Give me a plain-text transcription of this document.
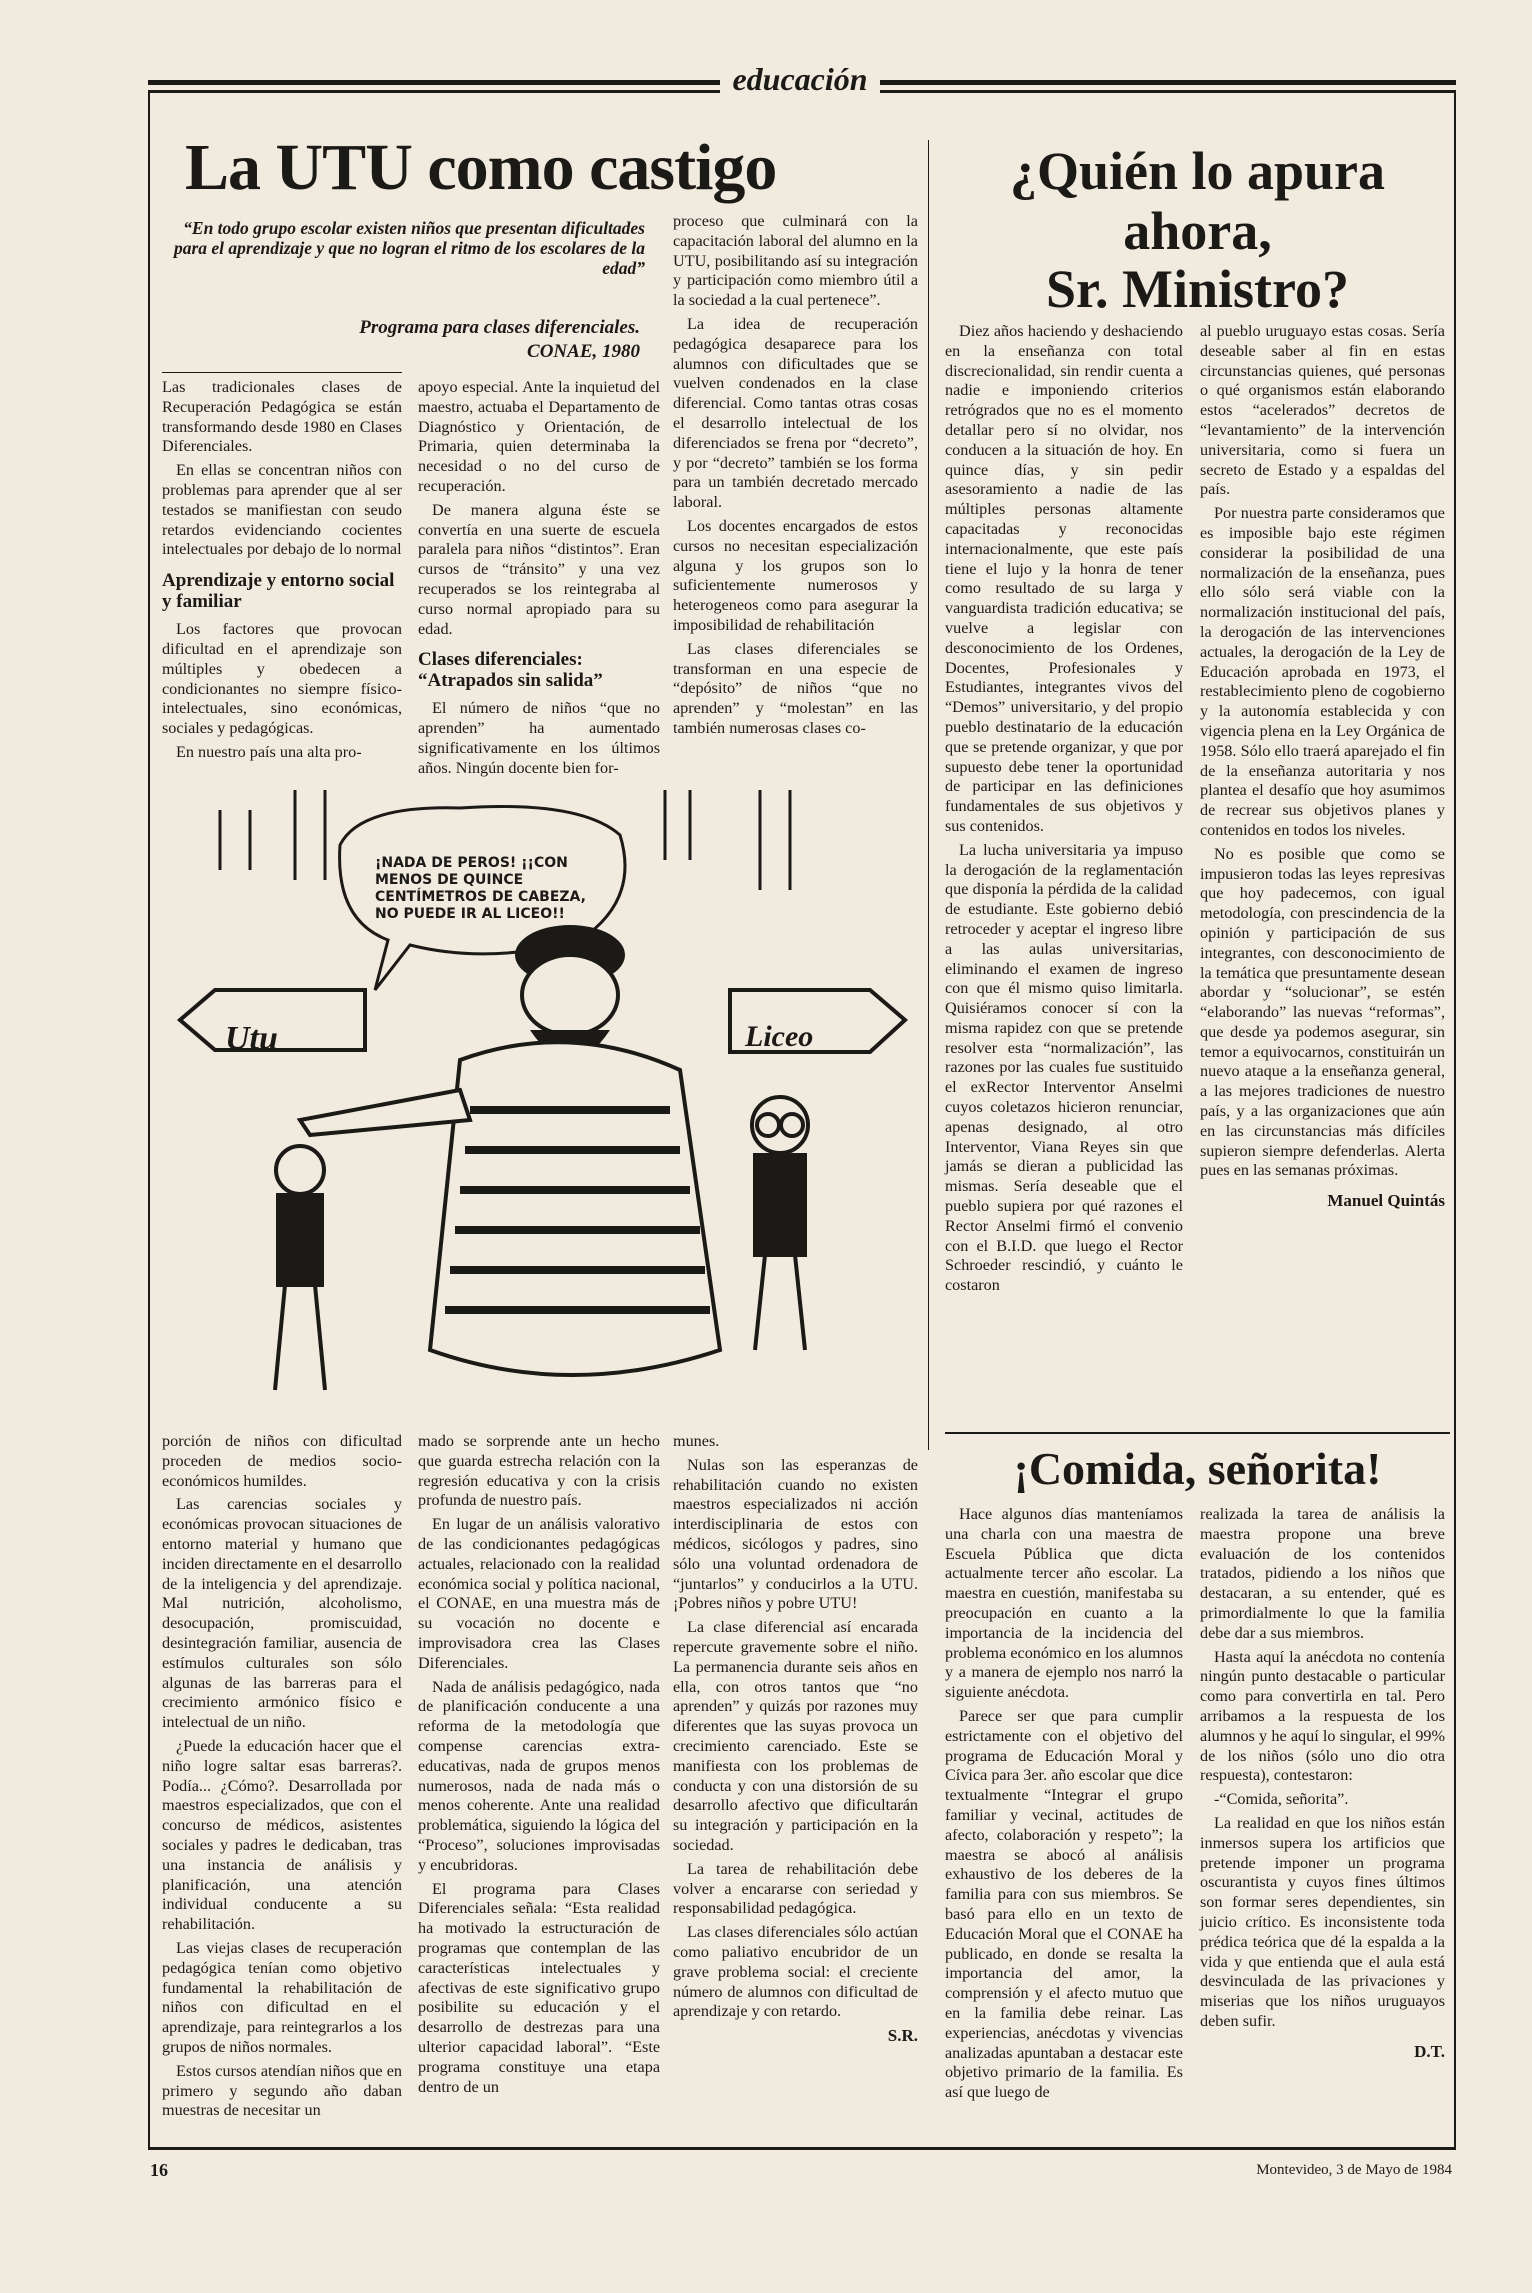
educación
La UTU como castigo
“En todo grupo escolar existen niños que presentan dificultades para el aprendizaje y que no logran el ritmo de los escolares de la edad”
Programa para clases diferenciales.
CONAE, 1980

Las tradicionales clases de Recuperación Pedagógica se están transformando desde 1980 en Clases Diferenciales.

En ellas se concentran niños con problemas para aprender que al ser testados se manifiestan con seudo retardos evidenciando cocientes intelectuales por debajo de lo normal

Aprendizaje y entorno social y familiar

Los factores que provocan dificultad en el aprendizaje son múltiples y obedecen a condicionantes no siempre físico-intelectuales, sino económicas, sociales y pedagógicas.

En nuestro país una alta pro-

apoyo especial. Ante la inquietud del maestro, actuaba el Departamento de Diagnóstico y Orientación, de Primaria, quien determinaba la necesidad o no del curso de recuperación.

De manera alguna éste se convertía en una suerte de escuela paralela para niños “distintos”. Eran cursos de “tránsito” y una vez recuperados se los reintegraba al curso normal apropiado para su edad.

Clases diferenciales: “Atrapados sin salida”

El número de niños “que no aprenden” ha aumentado significativamente en los últimos años. Ningún docente bien for-

proceso que culminará con la capacitación laboral del alumno en la UTU, posibilitando así su integración y participación como miembro útil a la sociedad a la cual pertenece”.

La idea de recuperación pedagógica desaparece para los alumnos con dificultades que se vuelven condenados en la clase diferencial. Como tantas otras cosas el desarrollo intelectual de los diferenciados se frena por “decreto”, y por “decreto” también se los forma para un también decretado mercado laboral.

Los docentes encargados de estos cursos no necesitan especialización alguna y los grupos son lo suficientemente numerosos y heterogeneos como para asegurar la imposibilidad de rehabilitación

Las clases diferenciales se transforman en una especie de “depósito” de niños “que no aprenden” y “molestan” en las también numerosas clases co-

¡NADA DE PEROS! ¡¡CON MENOS DE QUINCE CENTÍMETROS DE CABEZA, NO PUEDE IR AL LICEO!!
Utu	Liceo

porción de niños con dificultad proceden de medios socio-económicos humildes.

Las carencias sociales y económicas provocan situaciones de entorno material y humano que inciden directamente en el desarrollo de la inteligencia y del aprendizaje. Mal nutrición, alcoholismo, desocupación, promiscuidad, desintegración familiar, ausencia de estímulos culturales son sólo algunas de las barreras para el crecimiento armónico físico e intelectual de un niño.

¿Puede la educación hacer que el niño logre saltar esas barreras?. Podía... ¿Cómo?. Desarrollada por maestros especializados, que con el concurso de médicos, asistentes sociales y padres le dedicaban, tras una instancia de análisis y planificación, una atención individual conducente a su rehabilitación.

Las viejas clases de recuperación pedagógica tenían como objetivo fundamental la rehabilitación de niños con dificultad en el aprendizaje, para reintegrarlos a los grupos de niños normales.

Estos cursos atendían niños que en primero y segundo año daban muestras de necesitar un

mado se sorprende ante un hecho que guarda estrecha relación con la regresión educativa y con la crisis profunda de nuestro país.

En lugar de un análisis valorativo de las condicionantes pedagógicas actuales, relacionado con la realidad económica social y política nacional, el CONAE, en una muestra más de su vocación no docente e improvisadora crea las Clases Diferenciales.

Nada de análisis pedagógico, nada de planificación conducente a una reforma de la metodología que compense carencias extra-educativas, nada de grupos menos numerosos, nada de nada más o menos coherente. Ante una realidad problemática, siguiendo la lógica del “Proceso”, soluciones improvisadas y encubridoras.

El programa para Clases Diferenciales señala: “Esta realidad ha motivado la estructuración de programas que contemplan de las características intelectuales y afectivas de este significativo grupo posibilite su educación y el desarrollo de destrezas para una ulterior capacidad laboral”. “Este programa constituye una etapa dentro de un

munes.

Nulas son las esperanzas de rehabilitación cuando no existen maestros especializados ni acción interdisciplinaria de estos con médicos, sicólogos y padres, sino sólo una voluntad ordenadora de “juntarlos” y conducirlos a la UTU. ¡Pobres niños y pobre UTU!

La clase diferencial así encarada repercute gravemente sobre el niño. La permanencia durante seis años en ella, con otros tantos que “no aprenden” y quizás por razones muy diferentes que las suyas provoca un crecimiento carenciado. Este se manifiesta con los problemas de conducta y con una distorsión de su desarrollo afectivo que dificultarán su integración y participación en la sociedad.

La tarea de rehabilitación debe volver a encararse con seriedad y responsabilidad pedagógica.

Las clases diferenciales sólo actúan como paliativo encubridor de un grave problema social: el creciente número de alumnos con dificultad de aprendizaje y con retardo.

S.R.
¿Quién lo apura
ahora,
Sr. Ministro?

Diez años haciendo y deshaciendo en la enseñanza con total discrecionalidad, sin rendir cuenta a nadie e imponiendo criterios retrógrados que no es el momento detallar pero sí no olvidar, nos conducen a la situación de hoy. En quince días, y sin pedir asesoramiento a nadie de las múltiples personas altamente capacitadas y reconocidas internacionalmente, que este país tiene el lujo y la honra de tener como resultado de su larga y vanguardista tradición educativa; se vuelve a legislar con desconocimiento de los Ordenes, Docentes, Profesionales y Estudiantes, integrantes vivos del “Demos” universitario, y del propio pueblo destinatario de la educación que se pretende organizar, y que por supuesto debe tener la oportunidad de participar en las definiciones fundamentales de sus objetivos y sus contenidos.

La lucha universitaria ya impuso la derogación de la reglamentación que disponía la pérdida de la calidad de estudiante. Este gobierno debió retroceder y aceptar el ingreso libre a las aulas universitarias, eliminando el examen de ingreso con que él mismo quiso limitarla. Quisiéramos conocer sí con la misma rapidez con que se pretende resolver esta “normalización”, las razones por las cuales fue sustituido el exRector Interventor Anselmi cuyos coletazos hicieron renunciar, apenas designado, al otro Interventor, Viana Reyes sin que jamás se dieran a publicidad las mismas. Sería deseable que el pueblo supiera por qué razones el Rector Anselmi firmó el convenio con el B.I.D. que luego el Rector Schroeder rescindió, y cuánto le costaron

al pueblo uruguayo estas cosas. Sería deseable saber al fin en estas circunstancias quienes, qué personas o qué organismos están elaborando estos “acelerados” decretos de “levantamiento” de la intervención universitaria, como si fuera un secreto de Estado y a espaldas del país.

Por nuestra parte consideramos que es imposible bajo este régimen considerar la posibilidad de una normalización de la enseñanza, pues ello sólo será viable con la normalización institucional del país, la derogación de las intervenciones actuales, la derogación de la Ley de Educación aprobada en 1973, el restablecimiento pleno de cogobierno y la autonomía establecida y con vigencia plena en la Ley Orgánica de 1958. Sólo ello traerá aparejado el fin de la enseñanza autoritaria y nos plantea el desafío que hoy asumimos de recrear sus objetivos planes y contenidos en todos los niveles.

No es posible que como se impusieron todas las leyes represivas que hoy padecemos, con igual metodología, con prescindencia de la opinión y participación de sus integrantes, con desconocimiento de la temática que presuntamente desean abordar y “solucionar”, se estén “elaborando” las nuevas “reformas”, que desde ya podemos asegurar, sin temor a equivocarnos, constituirán un nuevo ataque a la enseñanza general, a las mejores tradiciones de nuestro país, y a las organizaciones que aún en las circunstancias más difíciles supieron siempre defenderlas. Alerta pues en las semanas próximas.

Manuel Quintás
¡Comida, señorita!

Hace algunos días manteníamos una charla con una maestra de Escuela Pública que dicta actualmente tercer año escolar. La maestra en cuestión, manifestaba su preocupación en cuanto a la importancia de la incidencia del problema económico en los alumnos y a manera de ejemplo nos narró la siguiente anécdota.

Parece ser que para cumplir estrictamente con el objetivo del programa de Educación Moral y Cívica para 3er. año escolar que dice textualmente “Integrar el grupo familiar y vecinal, actitudes de afecto, colaboración y respeto”; la maestra se abocó al análisis exhaustivo de los deberes de la familia para con sus miembros. Se basó para ello en un texto de Educación Moral que el CONAE ha publicado, en donde se resalta la importancia del amor, la comprensión y el afecto mutuo que en la familia debe reinar. Las experiencias, anécdotas y vivencias analizadas apuntaban a destacar este objetivo primario de la familia. Es así que luego de

realizada la tarea de análisis la maestra propone una breve evaluación de los contenidos tratados, pidiendo a los niños que destacaran, a su entender, qué es primordialmente lo que la familia debe dar a sus miembros.

Hasta aquí la anécdota no contenía ningún punto destacable o particular como para convertirla en tal. Pero arribamos a la respuesta de los alumnos y he aquí lo singular, el 99% de los niños (sólo uno dio otra respuesta), contestaron:

-“Comida, señorita”.

La realidad en que los niños están inmersos supera los artificios que pretende imponer un programa oscurantista y cuyos fines últimos son formar seres dependientes, sin juicio crítico. Es inconsistente toda prédica teórica que dé la espalda a la vida y que entienda que el aula está desvinculada de las privaciones y miserias que los niños uruguayos deben sufir.

D.T.
16	Montevideo, 3 de Mayo de 1984
